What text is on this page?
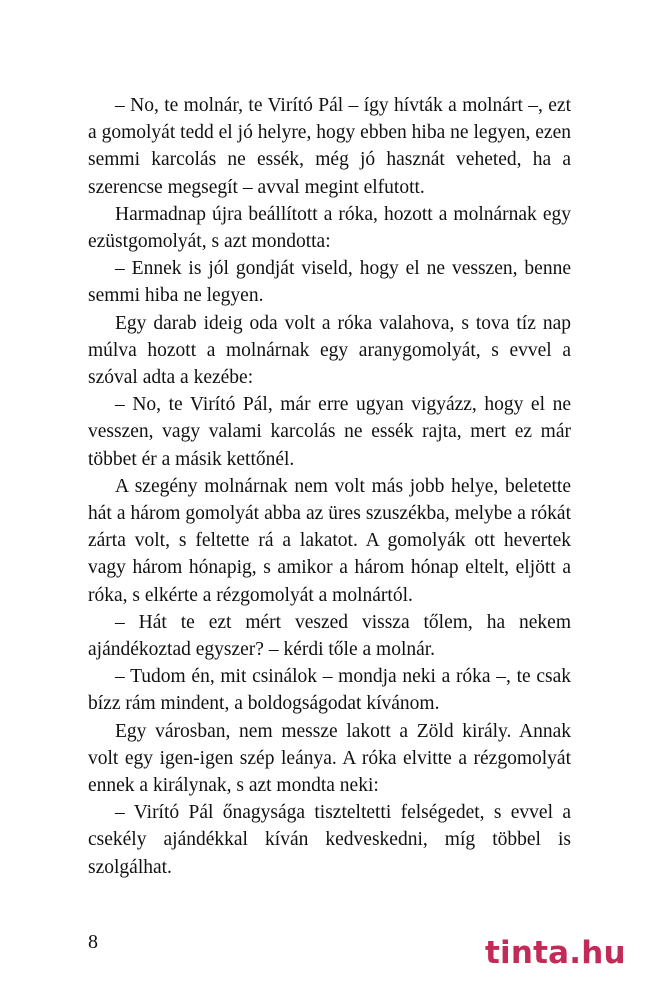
– No, te molnár, te Virító Pál – így hívták a molnárt –, ezt a gomolyát tedd el jó helyre, hogy ebben hiba ne legyen, ezen semmi karcolás ne essék, még jó hasznát veheted, ha a szerencse megsegít – avval megint elfutott.

Harmadnap újra beállított a róka, hozott a molnárnak egy ezüstgomolyát, s azt mondotta:

– Ennek is jól gondját viseld, hogy el ne vesszen, benne semmi hiba ne legyen.

Egy darab ideig oda volt a róka valahova, s tova tíz nap múlva hozott a molnárnak egy aranygomolyát, s evvel a szóval adta a kezébe:

– No, te Virító Pál, már erre ugyan vigyázz, hogy el ne vesszen, vagy valami karcolás ne essék rajta, mert ez már többet ér a másik kettőnél.

A szegény molnárnak nem volt más jobb helye, beletette hát a három gomolyát abba az üres szuszékba, melybe a rókát zárta volt, s feltette rá a lakatot. A gomolyák ott hevertek vagy három hónapig, s amikor a három hónap eltelt, eljött a róka, s elkérte a rézgomolyát a molnártól.

– Hát te ezt mért veszed vissza tőlem, ha nekem ajándékoztad egyszer? – kérdi tőle a molnár.

– Tudom én, mit csinálok – mondja neki a róka –, te csak bízz rám mindent, a boldogságodat kívánom.

Egy városban, nem messze lakott a Zöld király. Annak volt egy igen-igen szép leánya. A róka elvitte a rézgomolyát ennek a királynak, s azt mondta neki:

– Virító Pál őnagysága tiszteltetti felségedet, s evvel a csekély ajándékkal kíván kedveskedni, míg többel is szolgálhat.

8	tinta.hu
